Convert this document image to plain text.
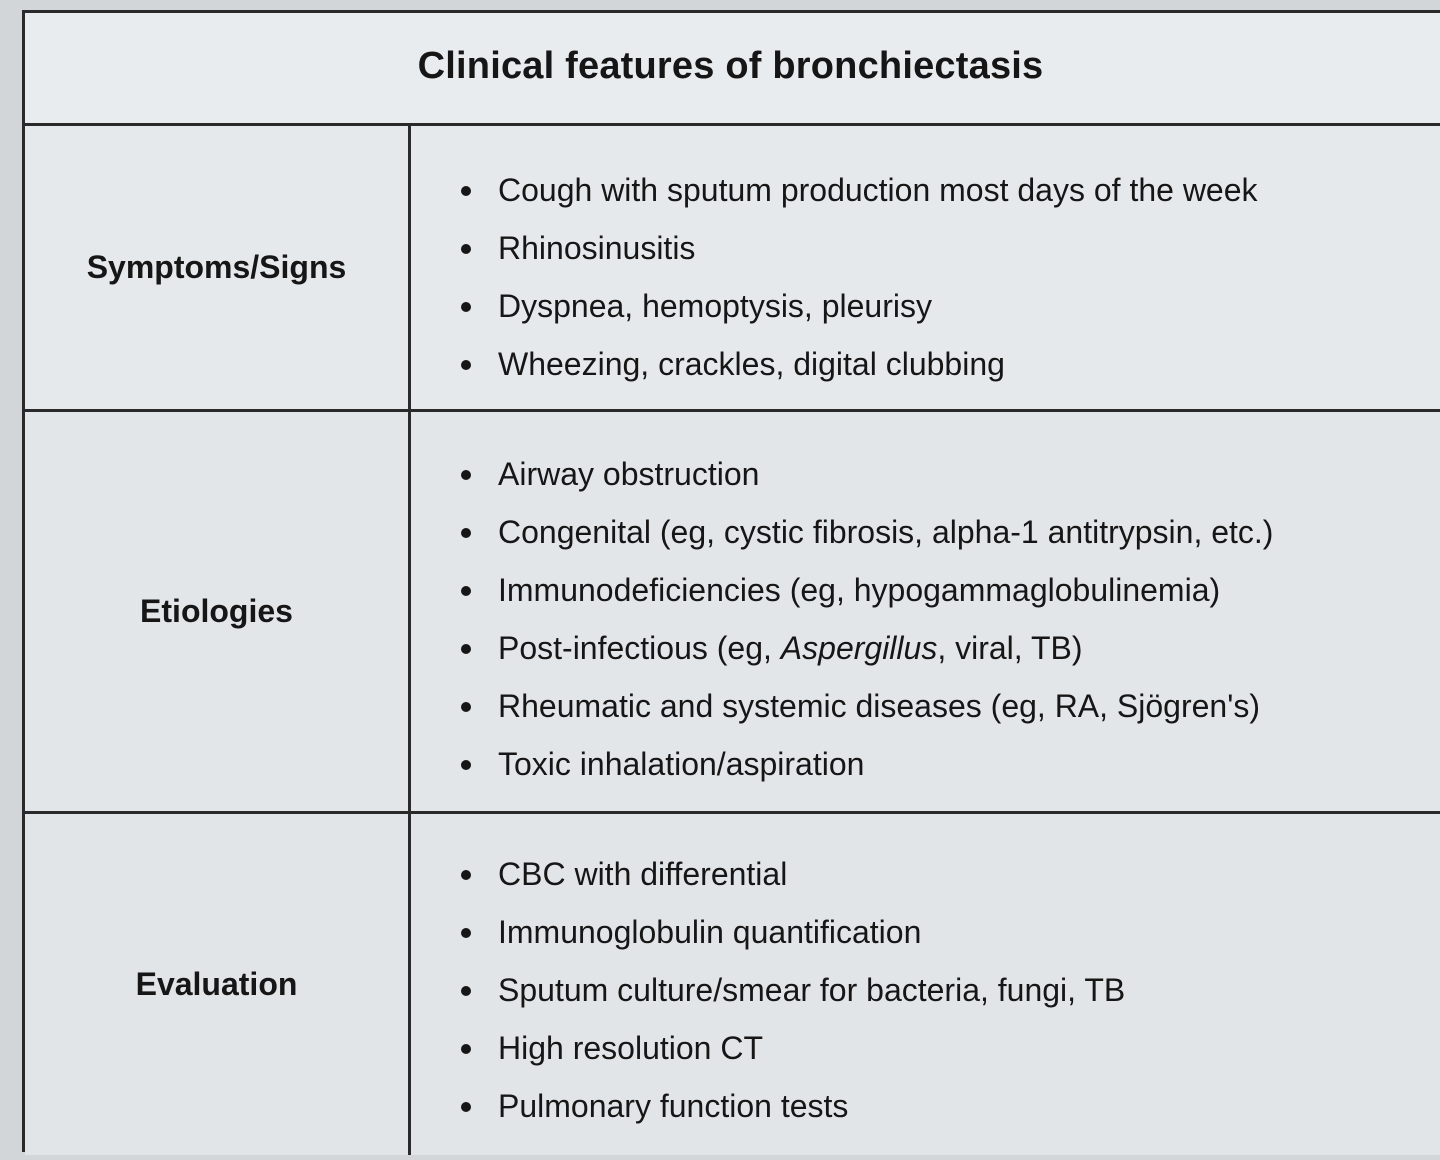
Clinical features of bronchiectasis
Symptoms/Signs
Cough with sputum production most days of the week
Rhinosinusitis
Dyspnea, hemoptysis, pleurisy
Wheezing, crackles, digital clubbing
Etiologies
Airway obstruction
Congenital (eg, cystic fibrosis, alpha-1 antitrypsin, etc.)
Immunodeficiencies (eg, hypogammaglobulinemia)
Post-infectious (eg, Aspergillus, viral, TB)
Rheumatic and systemic diseases (eg, RA, Sjögren's)
Toxic inhalation/aspiration
Evaluation
CBC with differential
Immunoglobulin quantification
Sputum culture/smear for bacteria, fungi, TB
High resolution CT
Pulmonary function tests
